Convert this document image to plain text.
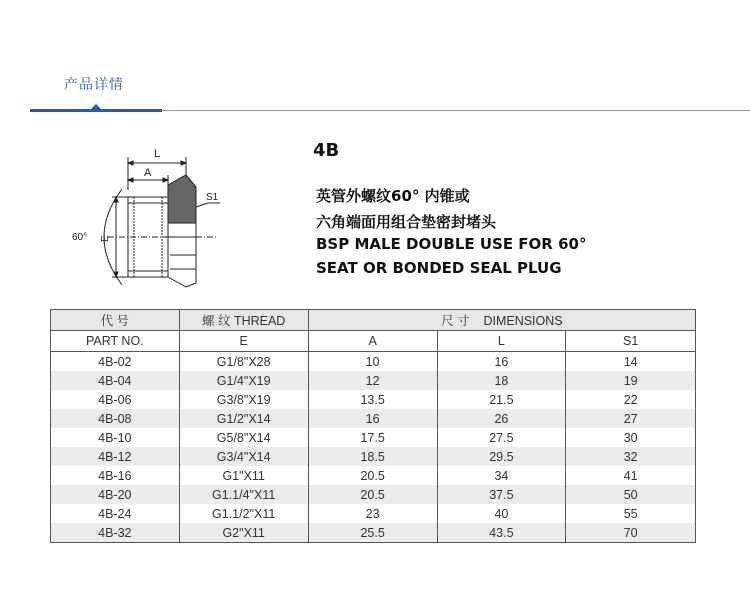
产品详情
L
A
S1
E
60°
4B
英管外螺纹60° 内锥或
六角端面用组合垫密封堵头
BSP MALE DOUBLE USE FOR 60°
SEAT OR BONDED SEAL PLUG
代 号	螺 纹 THREAD	尺 寸    DIMENSIONS		
PART NO.	E	A	L	S1
4B-02	G1/8"X28	10	16	14
4B-04	G1/4"X19	12	18	19
4B-06	G3/8"X19	13.5	21.5	22
4B-08	G1/2"X14	16	26	27
4B-10	G5/8"X14	17.5	27.5	30
4B-12	G3/4"X14	18.5	29.5	32
4B-16	G1"X11	20.5	34	41
4B-20	G1.1/4"X11	20.5	37.5	50
4B-24	G1.1/2"X11	23	40	55
4B-32	G2"X11	25.5	43.5	70
